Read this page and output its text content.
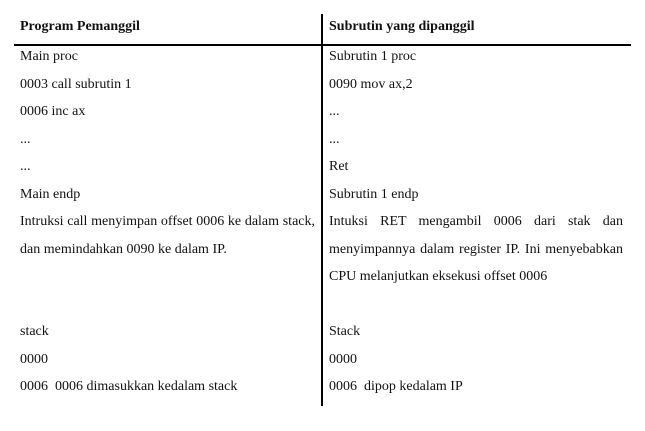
Program Pemanggil
Main proc
0003 call subrutin 1
0006 inc ax
...
...
Main endp
Intruksi call menyimpan offset 0006 ke dalam stack, dan memindahkan 0090 ke dalam IP.
stack
0000
0006  0006 dimasukkan kedalam stack
Subrutin yang dipanggil
Subrutin 1 proc
0090 mov ax,2
...
...
Ret
Subrutin 1 endp
Intuksi RET mengambil 0006 dari stak dan menyimpannya dalam register IP. Ini menyebabkan CPU melanjutkan eksekusi offset 0006
Stack
0000
0006  dipop kedalam IP
